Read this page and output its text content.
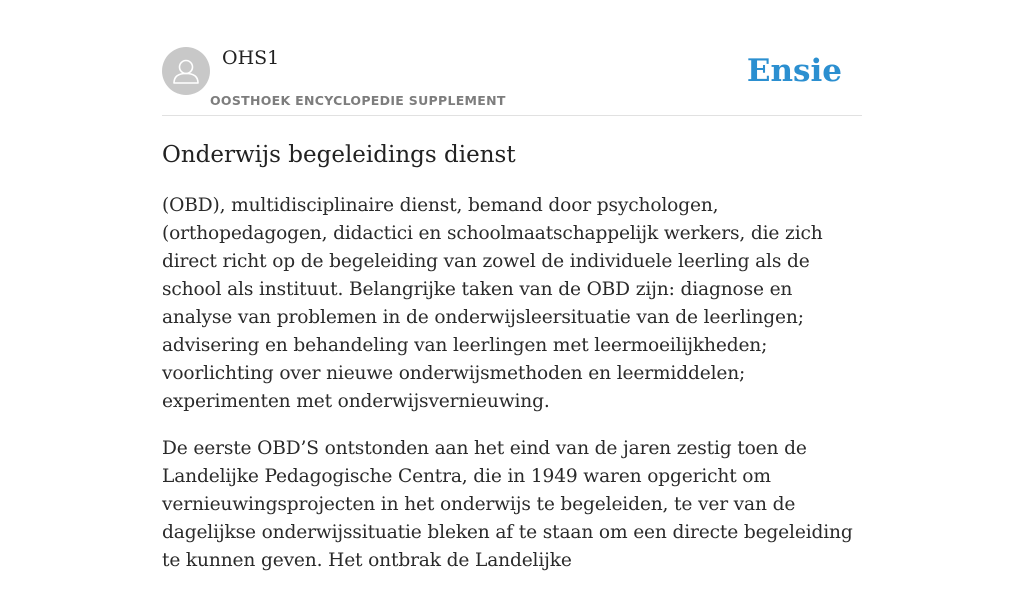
OHS1
OOSTHOEK ENCYCLOPEDIE SUPPLEMENT
Ensie
Onderwijs begeleidings dienst

(OBD), multidisciplinaire dienst, bemand door psychologen, (orthopedagogen, didactici en schoolmaatschappelijk werkers, die zich direct richt op de begeleiding van zowel de individuele leerling als de school als instituut. Belangrijke taken van de OBD zijn: diagnose en analyse van problemen in de onderwijsleersituatie van de leerlingen; advisering en behandeling van leerlingen met leermoeilijkheden; voorlichting over nieuwe onderwijsmethoden en leermiddelen; experimenten met onderwijsvernieuwing.

De eerste OBD’S ontstonden aan het eind van de jaren zestig toen de Landelijke Pedagogische Centra, die in 1949 waren opgericht om vernieuwingsprojecten in het onderwijs te begeleiden, te ver van de dagelijkse onderwijssituatie bleken af te staan om een directe begeleiding te kunnen geven. Het ontbrak de Landelijke
